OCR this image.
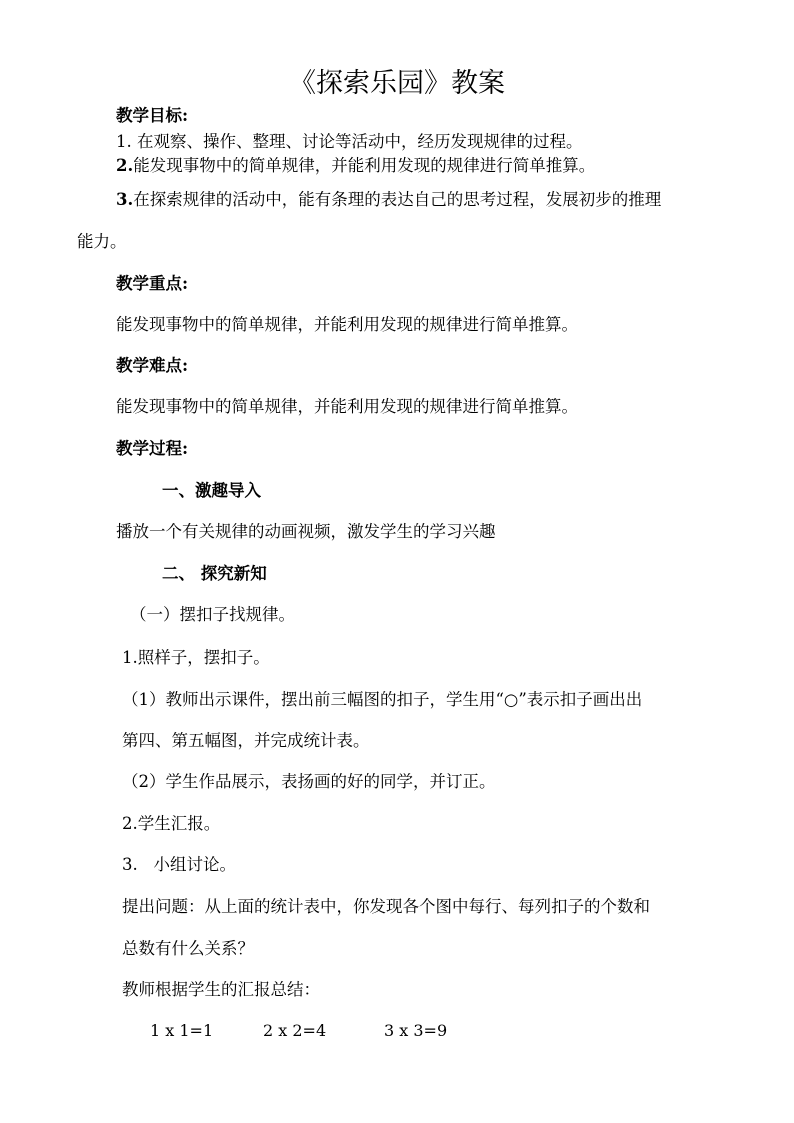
《探索乐园》教案
教学目标:
1. 在观察、操作、整理、讨论等活动中，经历发现规律的过程。
2.能发现事物中的简单规律，并能利用发现的规律进行简单推算。
3.在探索规律的活动中，能有条理的表达自己的思考过程，发展初步的推理
能力。
教学重点:
能发现事物中的简单规律，并能利用发现的规律进行简单推算。
教学难点:
能发现事物中的简单规律，并能利用发现的规律进行简单推算。
教学过程:
一、激趣导入
播放一个有关规律的动画视频，激发学生的学习兴趣
二、 探究新知
（一）摆扣子找规律。
1.照样子，摆扣子。
（1）教师出示课件，摆出前三幅图的扣子，学生用“○”表示扣子画出出
第四、第五幅图，并完成统计表。
（2）学生作品展示，表扬画的好的同学，并订正。
2.学生汇报。
3.   小组讨论。
提出问题：从上面的统计表中，你发现各个图中每行、每列扣子的个数和
总数有什么关系？
教师根据学生的汇报总结：
1 x 1=1	2 x 2=4	3 x 3=9
